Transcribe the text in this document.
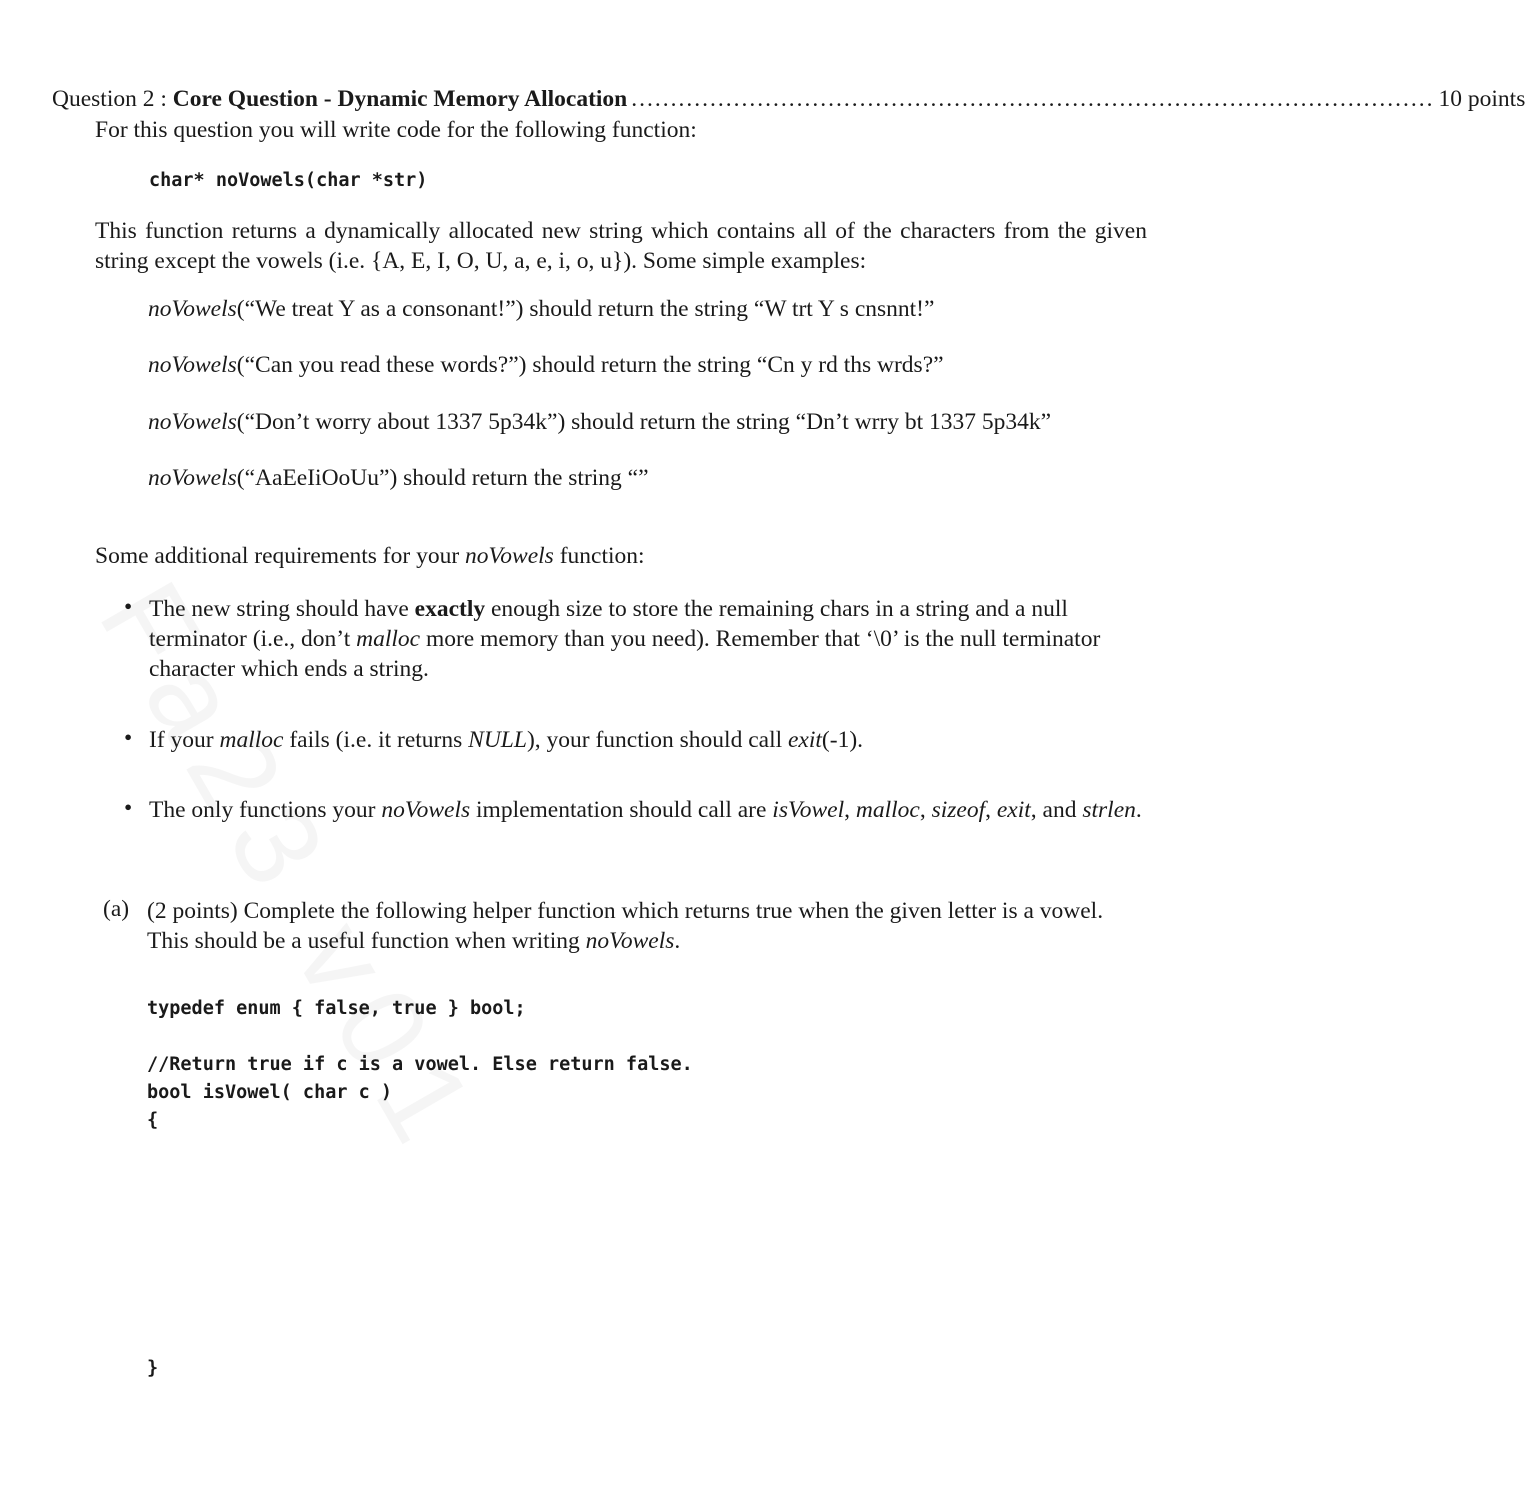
Question 2 :
Core Question - Dynamic Memory Allocation ...................................................................................................... 10 points
For this question you will write code for the following function:
char* noVowels(char *str)
This function returns a dynamically allocated new string which contains all of the characters from the given string except the vowels (i.e. {A, E, I, O, U, a, e, i, o, u}). Some simple examples:
noVowels(“We treat Y as a consonant!”) should return the string “W trt Y s cnsnnt!”
noVowels(“Can you read these words?”) should return the string “Cn y rd ths wrds?”
noVowels(“Don’t worry about 1337 5p34k”) should return the string “Dn’t wrry bt 1337 5p34k”
noVowels(“AaEeIiOoUu”) should return the string “”
Some additional requirements for your noVowels function:
• The new string should have exactly enough size to store the remaining chars in a string and a null terminator (i.e., don’t malloc more memory than you need). Remember that ‘\0’ is the null terminator character which ends a string.
• If your malloc fails (i.e. it returns NULL), your function should call exit(-1).
• The only functions your noVowels implementation should call are isVowel, malloc, sizeof, exit, and strlen.
(a) (2 points) Complete the following helper function which returns true when the given letter is a vowel. This should be a useful function when writing noVowels.
typedef enum { false, true } bool;
//Return true if c is a vowel. Else return false.
bool isVowel( char c )
{
}
